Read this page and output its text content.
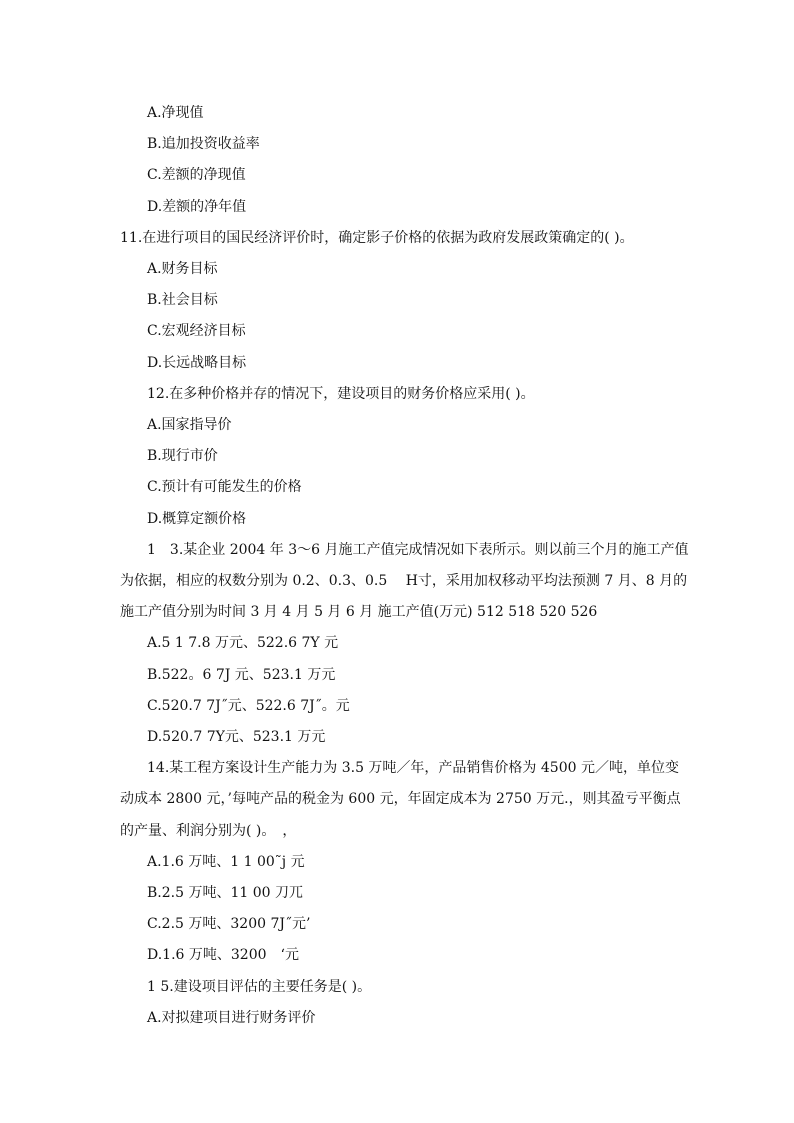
A.净现值
B.追加投资收益率
C.差额的净现值
D.差额的净年值
11.在进行项目的国民经济评价时，确定影子价格的依据为政府发展政策确定的( )。
A.财务目标
B.社会目标
C.宏观经济目标
D.长远战略目标
12.在多种价格并存的情况下，建设项目的财务价格应采用( )。
A.国家指导价
B.现行市价
C.预计有可能发生的价格
D.概算定额价格
1　3.某企业 2004 年 3～6 月施工产值完成情况如下表所示。则以前三个月的施工产值
为依据，相应的权数分别为 0.2、0.3、0.5　 H寸，采用加权移动平均法预测 7 月、8 月的
施工产值分别为时间 3 月 4 月 5 月 6 月 施工产值(万元) 512 518 520 526
A.5 1 7.8 万元、522.6 7Y 元
B.522。6 7J 元、523.1 万元
C.520.7 7J˝元、522.6 7J˝。元
D.520.7 7Y元、523.1 万元
14.某工程方案设计生产能力为 3.5 万吨／年，产品销售价格为 4500 元／吨，单位变
动成本 2800 元，’每吨产品的税金为 600 元，年固定成本为 2750 万元.，则其盈亏平衡点
的产量、利润分别为( )。　，
A.1.6 万吨、1 1 00˜j 元
B.2.5 万吨、11 00 刀兀
C.2.5 万吨、3200 7J˝元’
D.1.6 万吨、3200　‘元
1 5.建设项目评估的主要任务是( )。
A.对拟建项目进行财务评价
